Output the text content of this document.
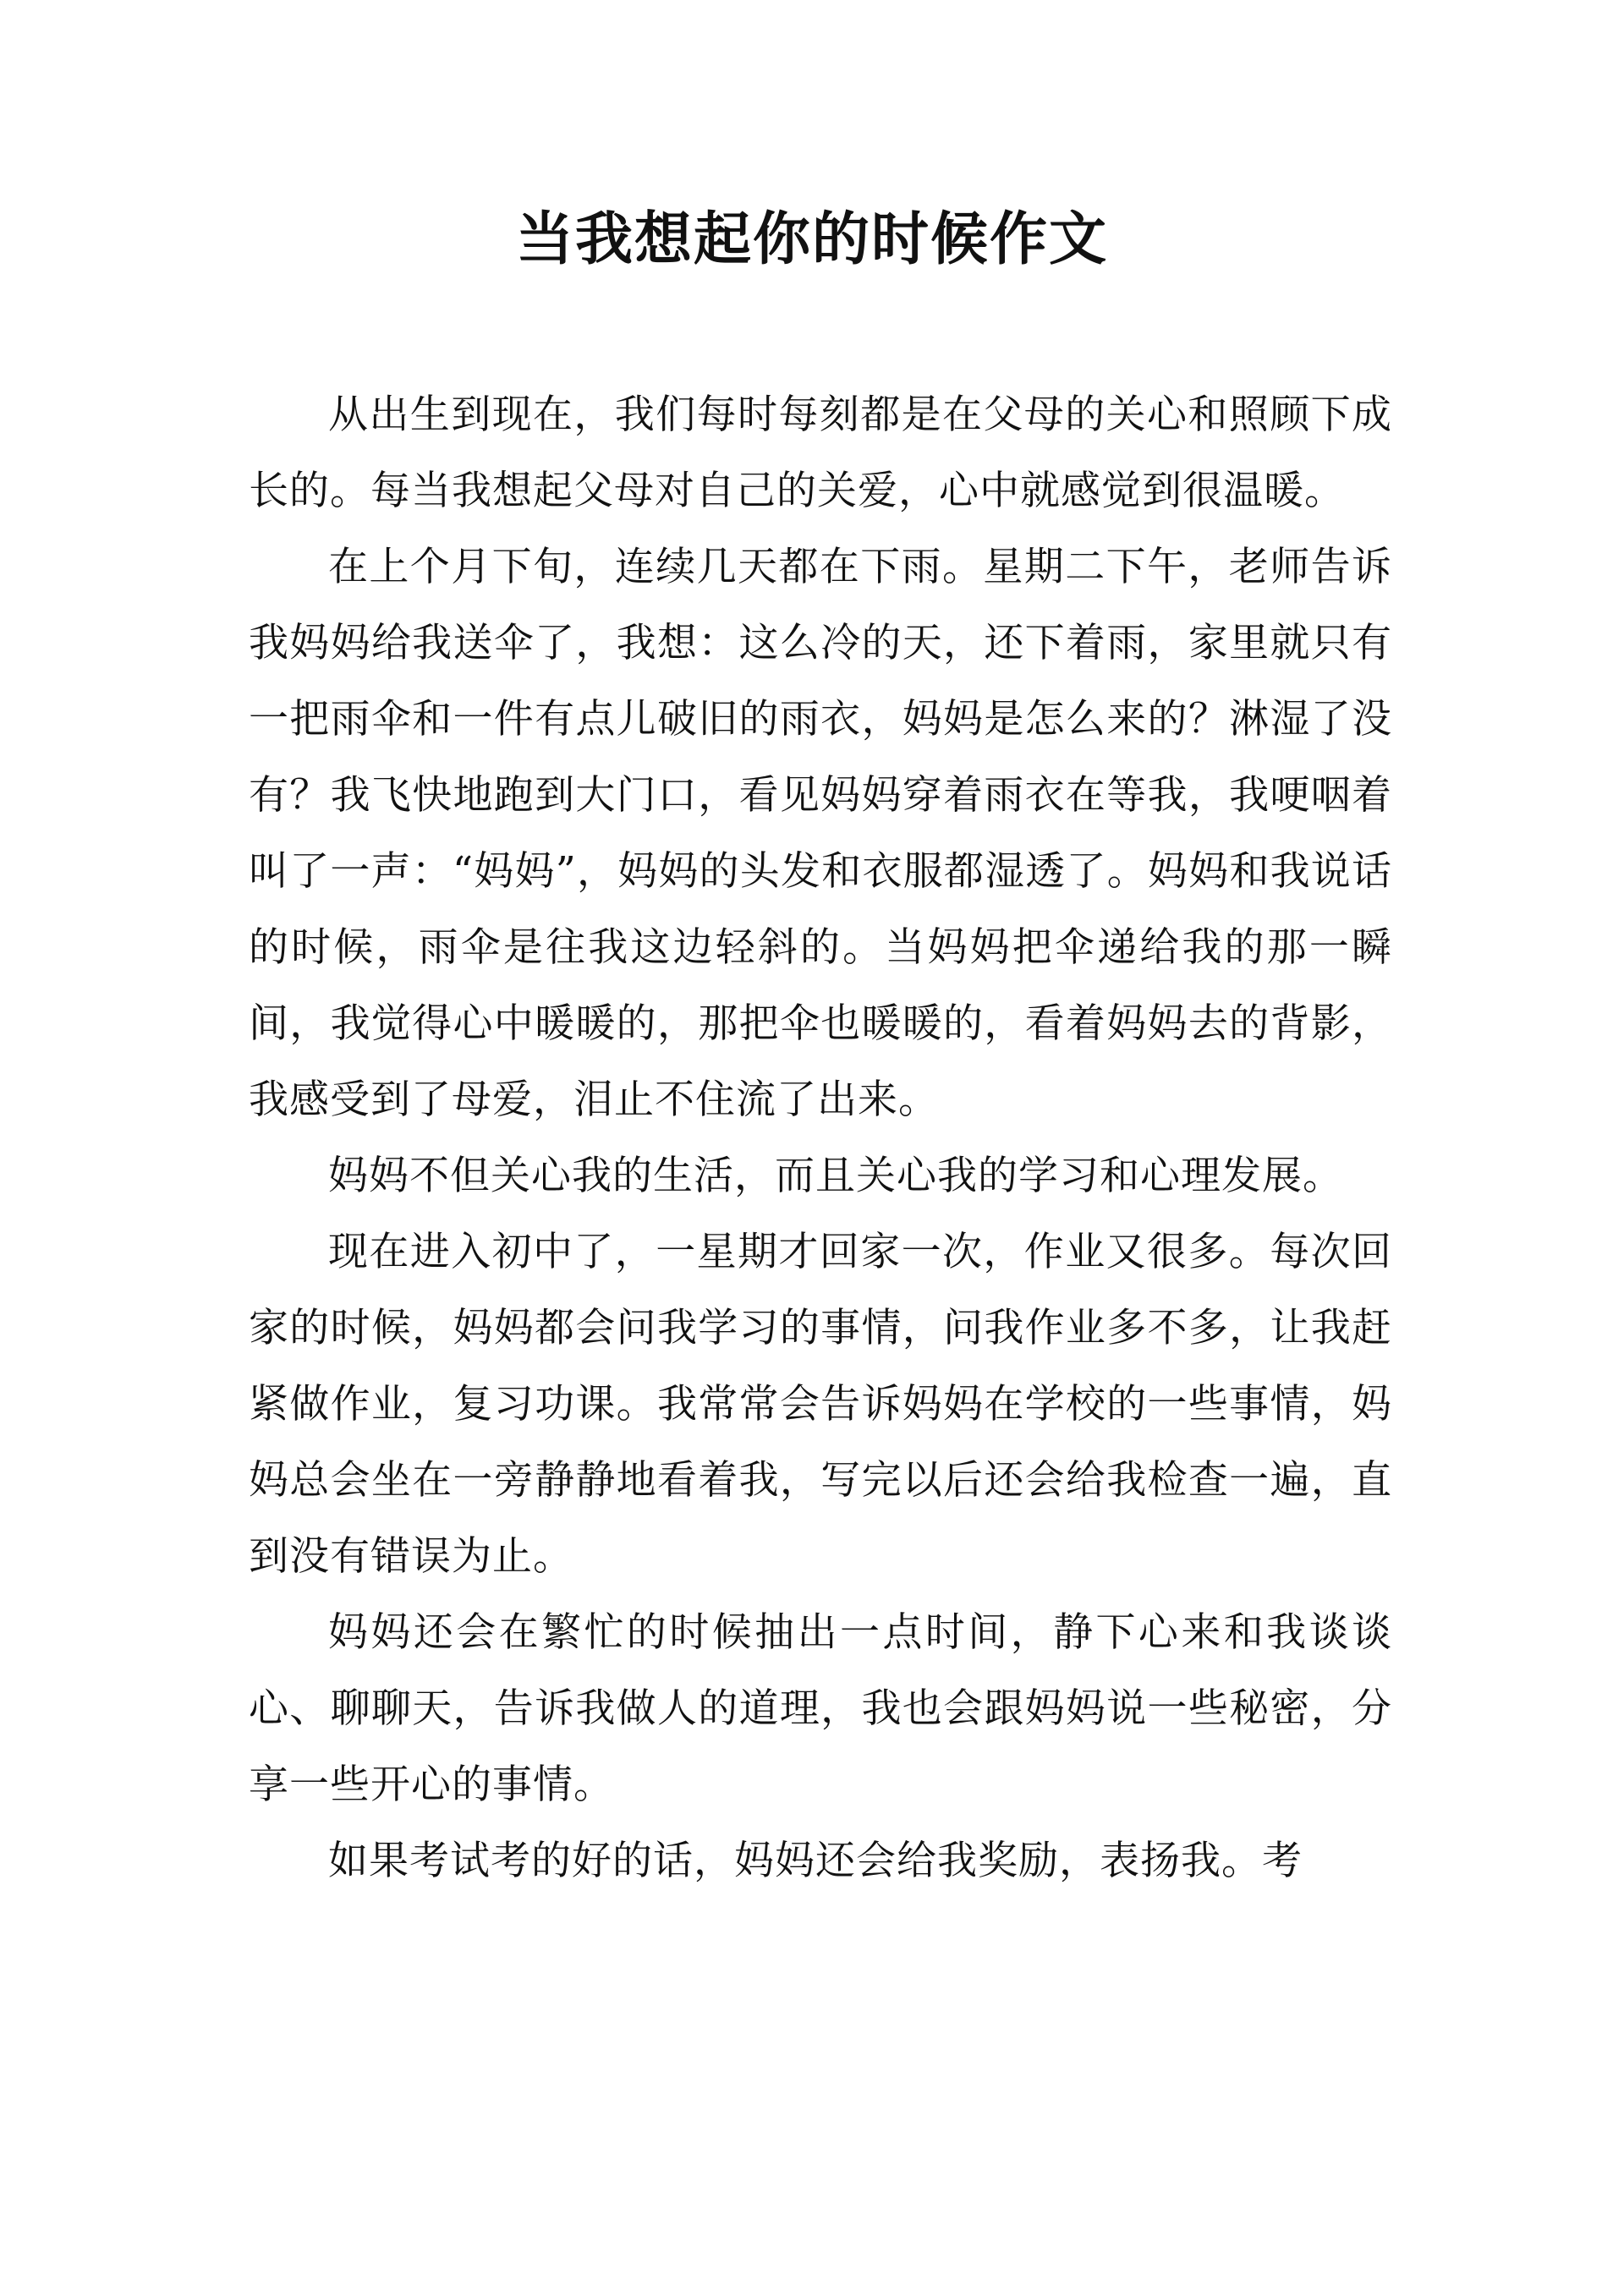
当我想起你的时候作文

从出生到现在，我们每时每刻都是在父母的关心和照顾下成长的。每当我想起父母对自己的关爱，心中就感觉到很温暖。

在上个月下旬，连续几天都在下雨。星期二下午，老师告诉我妈妈给我送伞了，我想：这么冷的天，还下着雨，家里就只有一把雨伞和一件有点儿破旧的雨衣，妈妈是怎么来的？淋湿了没有？我飞快地跑到大门口，看见妈妈穿着雨衣在等我，我哽咽着叫了一声：“妈妈”，妈妈的头发和衣服都湿透了。妈妈和我说话的时候，雨伞是往我这边轻斜的。当妈妈把伞递给我的那一瞬间，我觉得心中暖暖的，那把伞也暖暖的，看着妈妈去的背影，我感受到了母爱，泪止不住流了出来。

妈妈不但关心我的生活，而且关心我的学习和心理发展。

现在进入初中了，一星期才回家一次，作业又很多。每次回家的时候，妈妈都会问我学习的事情，问我作业多不多，让我赶紧做作业，复习功课。我常常会告诉妈妈在学校的一些事情，妈妈总会坐在一旁静静地看着我，写完以后还会给我检查一遍，直到没有错误为止。

妈妈还会在繁忙的时候抽出一点时间，静下心来和我谈谈心、聊聊天，告诉我做人的道理，我也会跟妈妈说一些秘密，分享一些开心的事情。

如果考试考的好的话，妈妈还会给我奖励，表扬我。考
